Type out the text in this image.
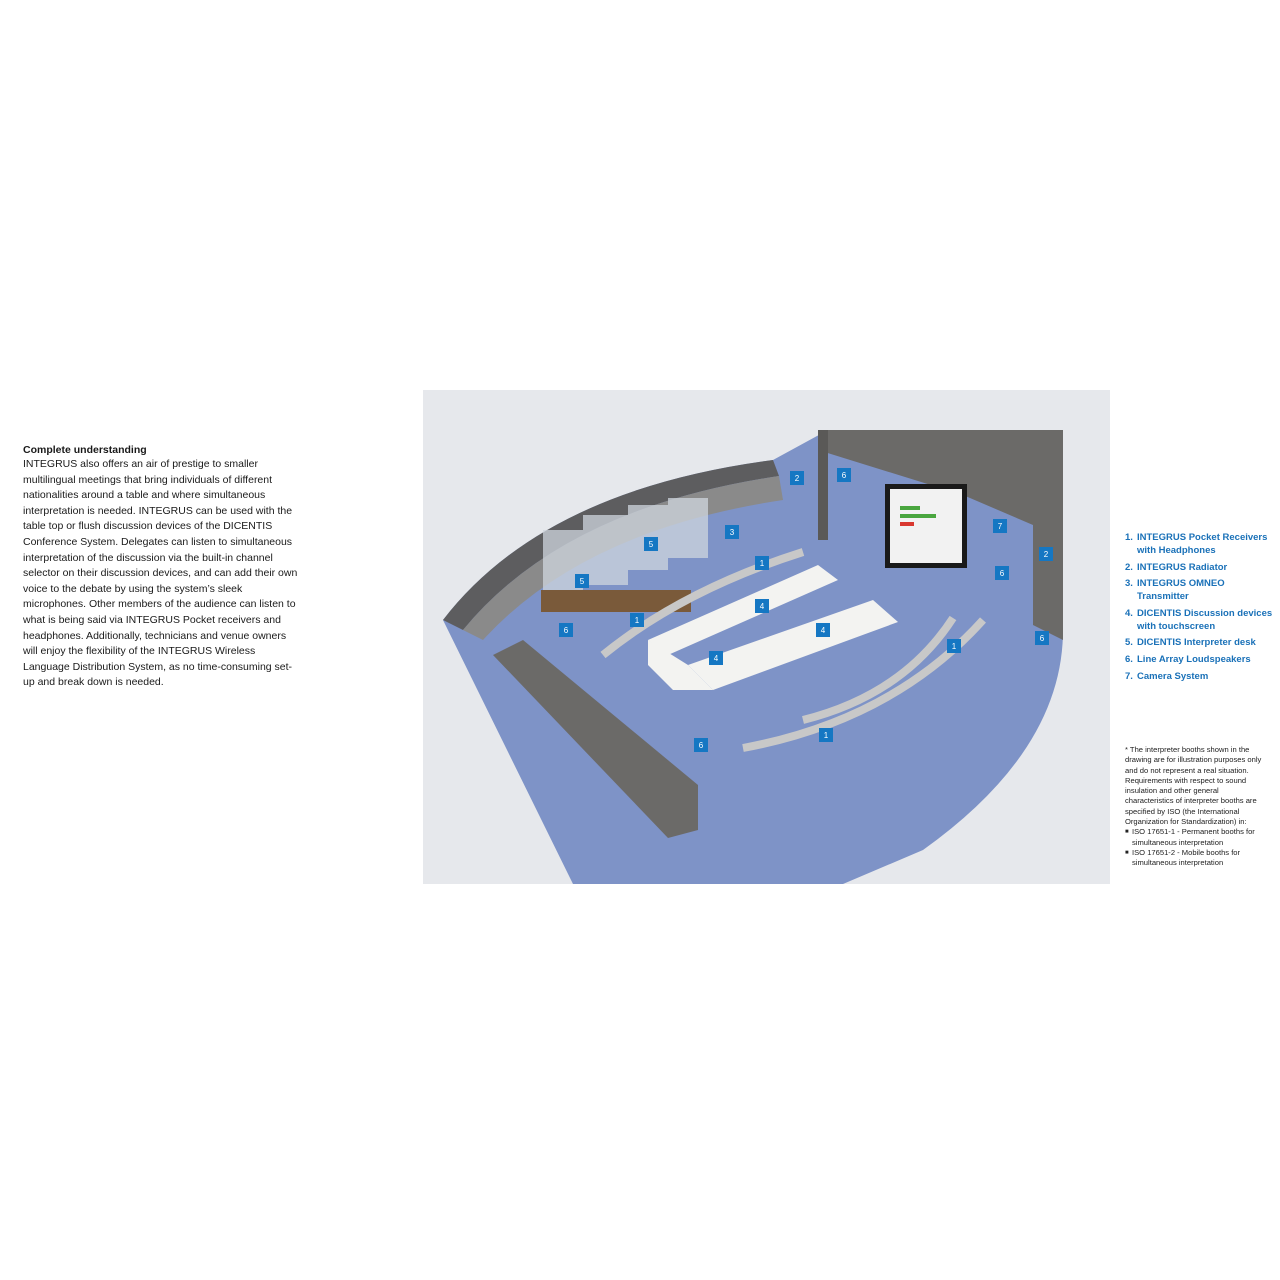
Complete understanding

INTEGRUS also offers an air of prestige to smaller multilingual meetings that bring individuals of different nationalities around a table and where simultaneous interpretation is needed. INTEGRUS can be used with the table top or flush discussion devices of the DICENTIS Conference System. Delegates can listen to simultaneous interpretation of the discussion via the built-in channel selector on their discussion devices, and can add their own voice to the debate by using the system’s sleek microphones. Other members of the audience can listen to what is being said via INTEGRUS Pocket receivers and headphones. Additionally, technicians and venue owners will enjoy the flexibility of the INTEGRUS Wireless Language Distribution System, as no time-consuming set-up and break down is needed.

2	6
3
5
5
1
4
1
6	4
4
1
1
6
7
2
6
6
1. INTEGRUS Pocket Receivers with Headphones
2. INTEGRUS Radiator
3. INTEGRUS OMNEO Transmitter
4. DICENTIS Discussion devices with touchscreen
5. DICENTIS Interpreter desk
6. Line Array Loudspeakers
7. Camera System

* The interpreter booths shown in the drawing are for illustration purposes only and do not represent a real situation. Requirements with respect to sound insulation and other general characteristics of interpreter booths are specified by ISO (the International Organization for Standardization) in:

■ ISO 17651-1 - Permanent booths for simultaneous interpretation
■ ISO 17651-2 - Mobile booths for simultaneous interpretation
